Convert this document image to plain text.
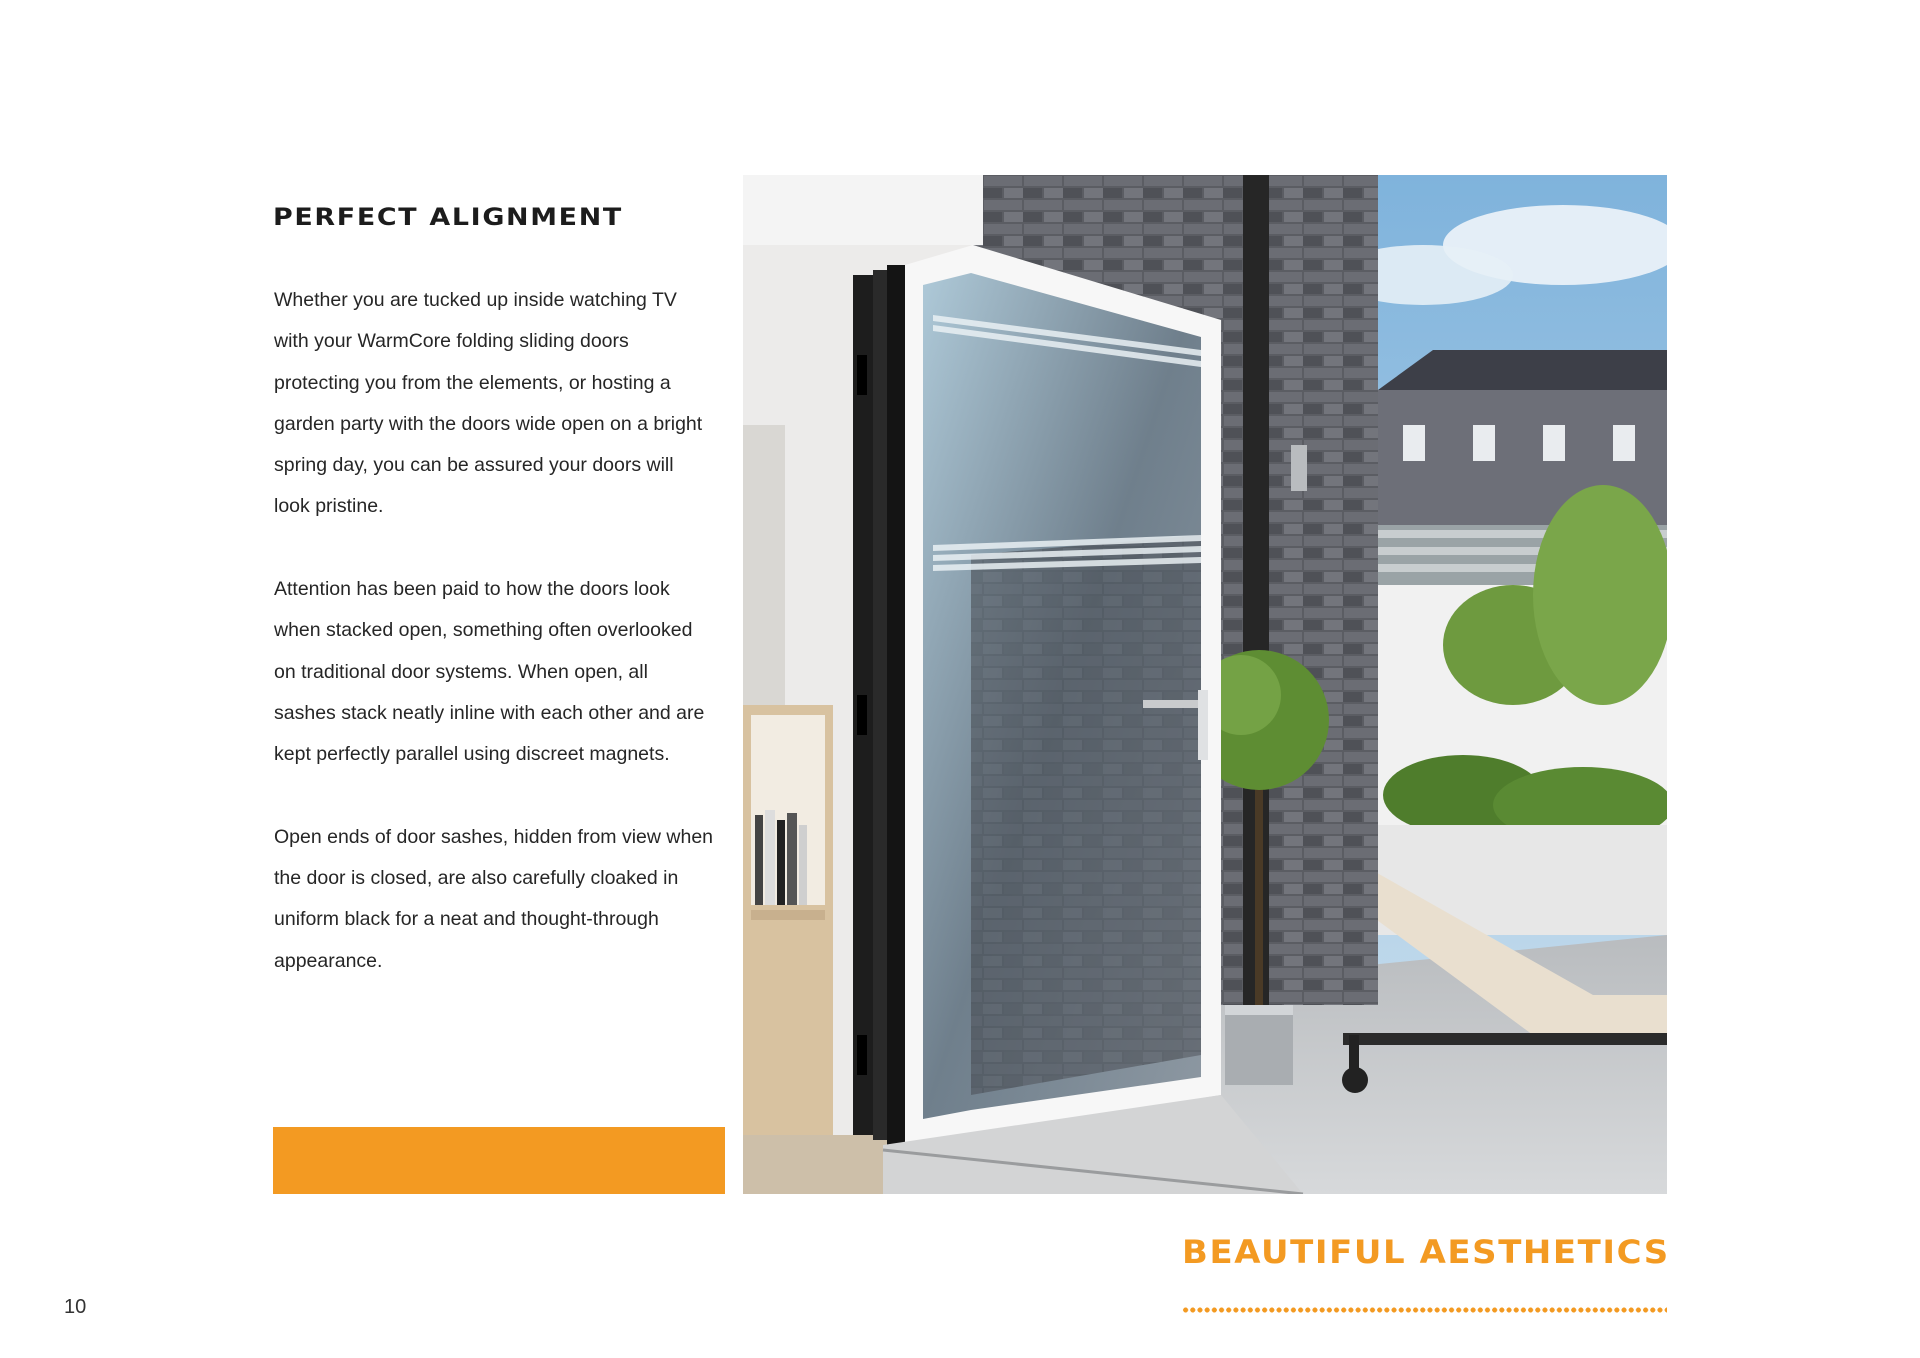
PERFECT ALIGNMENT

Whether you are tucked up inside watching TV with your WarmCore folding sliding doors protecting you from the elements, or hosting a garden party with the doors wide open on a bright spring day, you can be assured your doors will look pristine.

Attention has been paid to how the doors look when stacked open, something often overlooked on traditional door systems. When open, all sashes stack neatly inline with each other and are kept perfectly parallel using discreet magnets.

Open ends of door sashes, hidden from view when the door is closed, are also carefully cloaked in uniform black for a neat and thought-through appearance.

BEAUTIFUL AESTHETICS
10
